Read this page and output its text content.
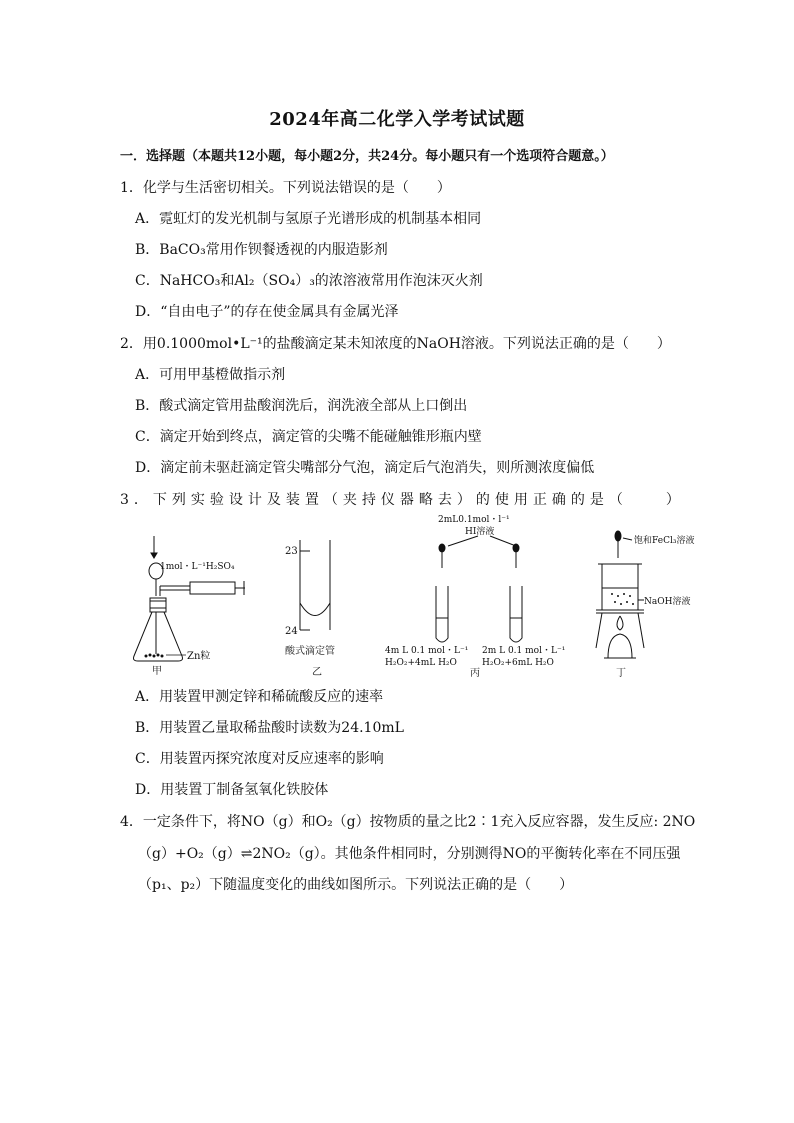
2024年高二化学入学考试试题
一．选择题（本题共12小题，每小题2分，共24分。每小题只有一个选项符合题意。）
1．化学与生活密切相关。下列说法错误的是（　　）
A．霓虹灯的发光机制与氢原子光谱形成的机制基本相同
B．BaCO₃常用作钡餐透视的内服造影剂
C．NaHCO₃和Al₂（SO₄）₃的浓溶液常用作泡沫灭火剂
D．“自由电子”的存在使金属具有金属光泽
2．用0.1000mol•L⁻¹的盐酸滴定某未知浓度的NaOH溶液。下列说法正确的是（　　）
A．可用甲基橙做指示剂
B．酸式滴定管用盐酸润洗后，润洗液全部从上口倒出
C．滴定开始到终点，滴定管的尖嘴不能碰触锥形瓶内壁
D．滴定前未驱赶滴定管尖嘴部分气泡，滴定后气泡消失，则所测浓度偏低
3．下列实验设计及装置（夹持仪器略去）的使用正确的是（　　）
1mol・L⁻¹H₂SO₄
Zn粒
甲
23
24
酸式滴定管
乙
2mL0.1mol・l⁻¹
HI溶液
4m L 0.1 mol・L⁻¹
H₂O₂+4mL H₂O
2m L 0.1 mol・L⁻¹
H₂O₂+6mL H₂O
丙
饱和FeCl₃溶液
NaOH溶液
丁
A．用装置甲测定锌和稀硫酸反应的速率
B．用装置乙量取稀盐酸时读数为24.10mL
C．用装置丙探究浓度对反应速率的影响
D．用装置丁制备氢氧化铁胶体
4．一定条件下，将NO（g）和O₂（g）按物质的量之比2∶1充入反应容器，发生反应: 2NO
（g）+O₂（g）⇌2NO₂（g）。其他条件相同时，分别测得NO的平衡转化率在不同压强
（p₁、p₂）下随温度变化的曲线如图所示。下列说法正确的是（　　）
